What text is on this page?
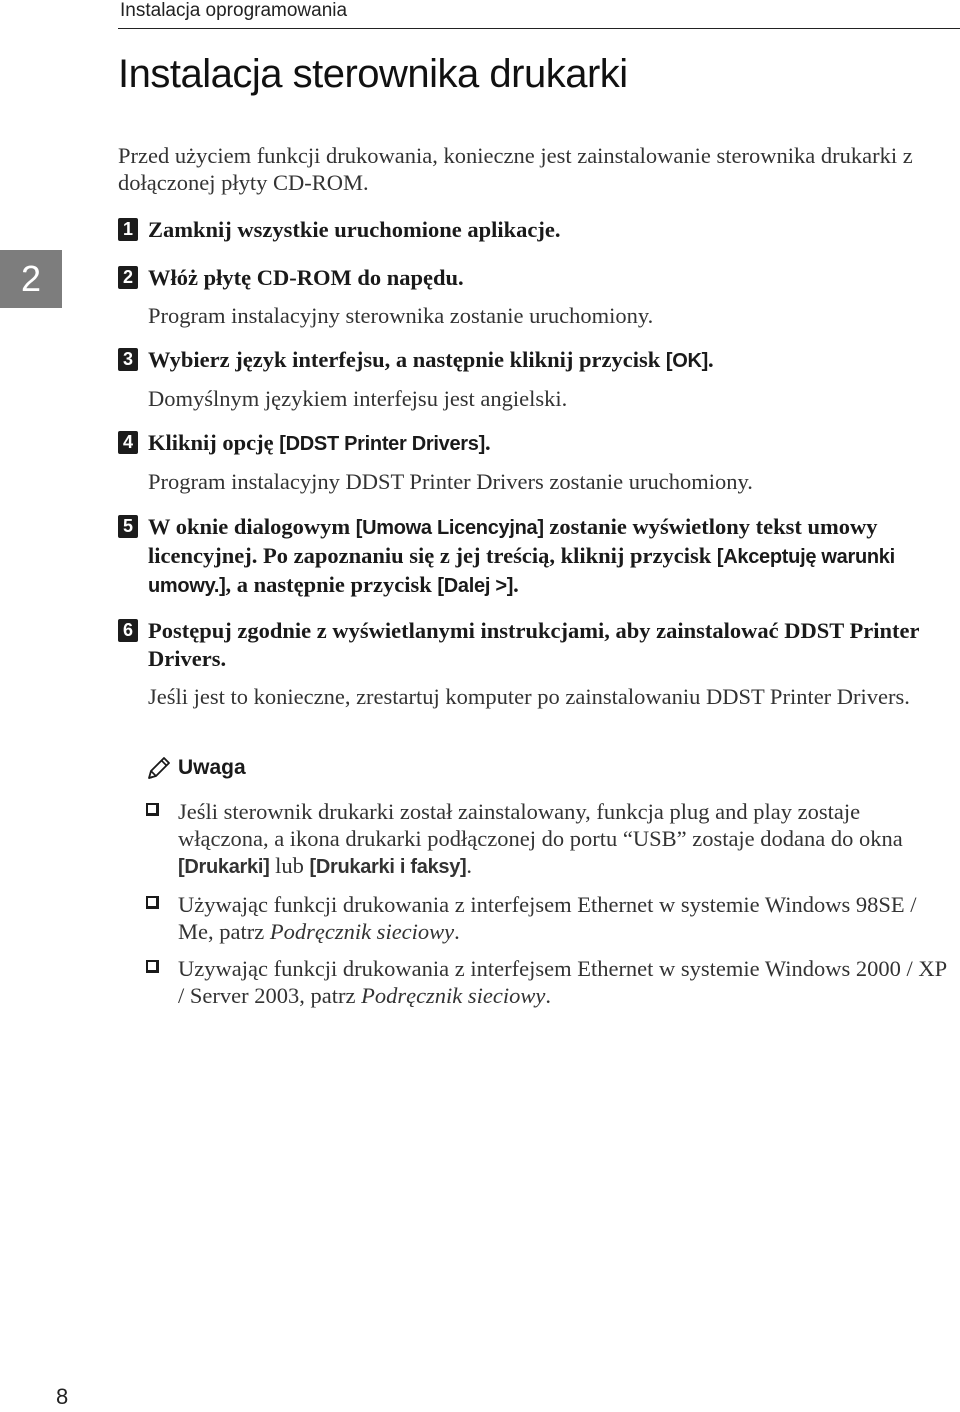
Instalacja oprogramowania
2
Instalacja sterownika drukarki

Przed użyciem funkcji drukowania, konieczne jest zainstalowanie sterownika drukarki z dołączonej płyty CD-ROM.

1 Zamknij wszystkie uruchomione aplikacje.

2 Włóż płytę CD-ROM do napędu.

Program instalacyjny sterownika zostanie uruchomiony.

3 Wybierz język interfejsu, a następnie kliknij przycisk [OK].

Domyślnym językiem interfejsu jest angielski.

4 Kliknij opcję [DDST Printer Drivers].

Program instalacyjny DDST Printer Drivers zostanie uruchomiony.

5 W oknie dialogowym [Umowa Licencyjna] zostanie wyświetlony tekst umowy licencyjnej. Po zapoznaniu się z jej treścią, kliknij przycisk [Akceptuję warunki umowy.], a następnie przycisk [Dalej >].

6 Postępuj zgodnie z wyświetlanymi instrukcjami, aby zainstalować DDST Printer Drivers.

Jeśli jest to konieczne, zrestartuj komputer po zainstalowaniu DDST Printer Drivers.

Uwaga
Jeśli sterownik drukarki został zainstalowany, funkcja plug and play zostaje włączona, a ikona drukarki podłączonej do portu “USB” zostaje dodana do okna [Drukarki] lub [Drukarki i faksy].
Używając funkcji drukowania z interfejsem Ethernet w systemie Windows 98SE / Me, patrz Podręcznik sieciowy.
Uzywając funkcji drukowania z interfejsem Ethernet w systemie Windows 2000 / XP / Server 2003, patrz Podręcznik sieciowy.
8
